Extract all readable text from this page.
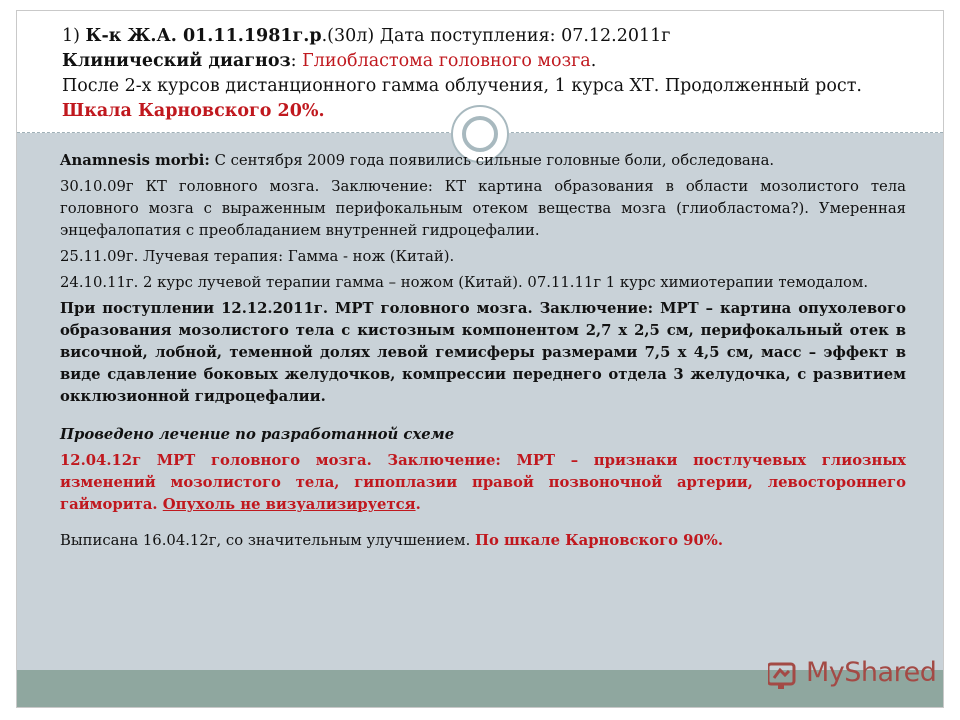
1) К-к Ж.А. 01.11.1981г.р.(30л) Дата поступления: 07.12.2011г

Клинический диагноз: Глиобластома головного мозга.

После 2-х курсов дистанционного гамма облучения, 1 курса ХТ. Продолженный рост.

Шкала Карновского 20%.

Anamnesis morbi: С сентября 2009 года появились сильные головные боли, обследована.

30.10.09г КТ головного мозга. Заключение: КТ картина образования в области мозолистого тела головного мозга с выраженным перифокальным отеком вещества мозга (глиобластома?). Умеренная энцефалопатия с преобладанием внутренней гидроцефалии.

25.11.09г. Лучевая терапия: Гамма - нож (Китай).

24.10.11г. 2 курс лучевой терапии гамма – ножом (Китай). 07.11.11г 1 курс химиотерапии темодалом.

При поступлении 12.12.2011г. МРТ головного мозга. Заключение: МРТ – картина опухолевого образования мозолистого тела с кистозным компонентом 2,7 х 2,5 см, перифокальный отек в височной, лобной, теменной долях левой гемисферы размерами 7,5 х 4,5 см, масс – эффект в виде сдавление боковых желудочков, компрессии переднего отдела 3 желудочка, с развитием окклюзионной гидроцефалии.

Проведено лечение по разработанной схеме

12.04.12г МРТ головного мозга. Заключение: МРТ – признаки постлучевых глиозных изменений мозолистого тела, гипоплазии правой позвоночной артерии, левостороннего гайморита. Опухоль не визуализируется.

Выписана 16.04.12г, со значительным улучшением. По шкале Карновского 90%.

MyShared
